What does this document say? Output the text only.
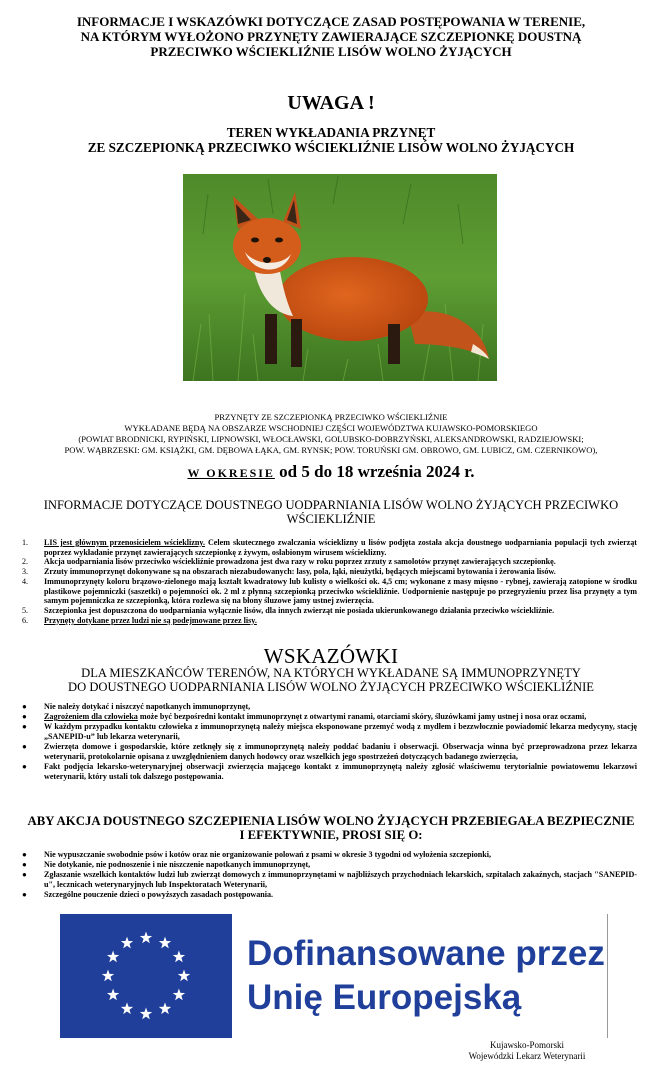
INFORMACJE I WSKAZÓWKI DOTYCZĄCE ZASAD POSTĘPOWANIA W TERENIE,
NA KTÓRYM WYŁOŻONO PRZYNĘTY ZAWIERAJĄCE SZCZEPIONKĘ DOUSTNĄ
PRZECIWKO WŚCIEKLIŹNIE LISÓW WOLNO ŻYJĄCYCH
UWAGA !
TEREN WYKŁADANIA PRZYNĘT
ZE SZCZEPIONKĄ PRZECIWKO WŚCIEKLIŹNIE LISÓW WOLNO ŻYJĄCYCH
PRZYNĘTY ZE SZCZEPIONKĄ PRZECIWKO WŚCIEKLIŹNIE
WYKŁADANE BĘDĄ NA OBSZARZE WSCHODNIEJ CZĘŚCI WOJEWÓDZTWA KUJAWSKO-POMORSKIEGO
(POWIAT BRODNICKI, RYPIŃSKI, LIPNOWSKI, WŁOCŁAWSKI, GOLUBSKO-DOBRZYŃSKI, ALEKSANDROWSKI, RADZIEJOWSKI;
POW. WĄBRZESKI: GM. KSIĄŻKI, GM. DĘBOWA ŁĄKA, GM. RYNSK; POW. TORUŃSKI GM. OBROWO, GM. LUBICZ, GM. CZERNIKOWO),
W OKRESIE od 5 do 18 września 2024 r.
INFORMACJE DOTYCZĄCE DOUSTNEGO UODPARNIANIA LISÓW WOLNO ŻYJĄCYCH PRZECIWKO WŚCIEKLIŹNIE
1.	LIS jest głównym przenosicielem wścieklizny. Celem skutecznego zwalczania wścieklizny u lisów podjęta została akcja doustnego uodparniania populacji tych zwierząt poprzez wykładanie przynęt zawierających szczepionkę z żywym, osłabionym wirusem wścieklizny.
2.	Akcja uodparniania lisów przeciwko wściekliźnie prowadzona jest dwa razy w roku poprzez zrzuty z samolotów przynęt zawierających szczepionkę.
3.	Zrzuty immunoprzynęt dokonywane są na obszarach niezabudowanych: lasy, pola, łąki, nieużytki, będących miejscami bytowania i żerowania lisów.
4.	Immunoprzynęty koloru brązowo-zielonego mają kształt kwadratowy lub kulisty o wielkości ok. 4,5 cm; wykonane z masy mięsno - rybnej, zawierają zatopione w środku plastikowe pojemniczki (saszetki) o pojemności ok. 2 ml z płynną szczepionką przeciwko wściekliźnie. Uodpornienie następuje po przegryzieniu przez lisa przynęty a tym samym pojemniczka ze szczepionką, która rozlewa się na błony śluzowe jamy ustnej zwierzęcia.
5.	Szczepionka jest dopuszczona do uodparniania wyłącznie lisów, dla innych zwierząt nie posiada ukierunkowanego działania przeciwko wściekliźnie.
6.	Przynęty dotykane przez ludzi nie są podejmowane przez lisy.
WSKAZÓWKI
DLA MIESZKAŃCÓW TERENÓW, NA KTÓRYCH WYKŁADANE SĄ IMMUNOPRZYNĘTY
DO DOUSTNEGO UODPARNIANIA LISÓW WOLNO ŻYJĄCYCH PRZECIWKO WŚCIEKLIŹNIE
●	Nie należy dotykać i niszczyć napotkanych immunoprzynęt,
●	Zagrożeniem dla człowieka może być bezpośredni kontakt immunoprzynęt z otwartymi ranami, otarciami skóry, śluzówkami jamy ustnej i nosa oraz oczami,
●	W każdym przypadku kontaktu człowieka z immunoprzynętą należy miejsca eksponowane przemyć wodą z mydłem i bezzwłocznie powiadomić lekarza medycyny, stację „SANEPID-u” lub lekarza weterynarii,
●	Zwierzęta domowe i gospodarskie, które zetknęły się z immunoprzynętą należy poddać badaniu i obserwacji. Obserwacja winna być przeprowadzona przez lekarza weterynarii, protokolarnie opisana z uwzględnieniem danych hodowcy oraz wszelkich jego spostrzeżeń dotyczących badanego zwierzęcia,
●	Fakt podjęcia lekarsko-weterynaryjnej obserwacji zwierzęcia mającego kontakt z immunoprzynętą należy zgłosić właściwemu terytorialnie powiatowemu lekarzowi weterynarii, który ustali tok dalszego postępowania.
ABY AKCJA DOUSTNEGO SZCZEPIENIA LISÓW WOLNO ŻYJĄCYCH PRZEBIEGAŁA BEZPIECZNIE
I EFEKTYWNIE, PROSI SIĘ O:
●	Nie wypuszczanie swobodnie psów i kotów oraz nie organizowanie polowań z psami w okresie 3 tygodni od wyłożenia szczepionki,
●	Nie dotykanie, nie podnoszenie i nie niszczenie napotkanych immunoprzynęt,
●	Zgłaszanie wszelkich kontaktów ludzi lub zwierząt domowych z immunoprzynętami w najbliższych przychodniach lekarskich, szpitalach zakaźnych, stacjach "SANEPID-u", lecznicach weterynaryjnych lub Inspektoratach Weterynarii,
●	Szczególne pouczenie dzieci o powyższych zasadach postępowania.
Dofinansowane przez
Unię Europejską
Kujawsko-Pomorski
Wojewódzki Lekarz Weterynarii
